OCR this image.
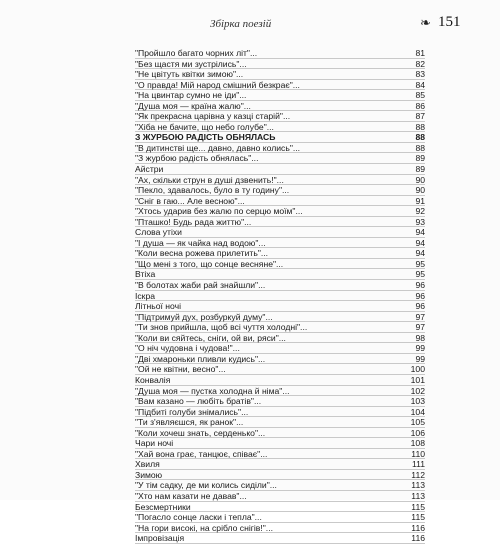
Збірка поезій	❧ 151
"Пройшло багато чорних літ"...	81
"Без щастя ми зустрілись"...	82
"Не цвітуть квітки зимою"...	83
"О правда! Мій народ смішний безкрає"...	84
"На цвинтар сумно не іди"...	85
"Душа моя — країна жалю"...	86
"Як прекрасна царівна у казці старій"...	87
"Хіба не бачите, що небо голубе"...	88
З ЖУРБОЮ РАДІСТЬ ОБНЯЛАСЬ	88
"В дитинстві ще... давно, давно колись"...	88
"З журбою радість обнялась"...	89
Айстри	89
"Ах, скільки струн в душі дзвенить!"...	90
"Пекло, здавалось, було в ту годину"...	90
"Сніг в гаю... Але весною"...	91
"Хтось ударив без жалю по серцю моїм"...	92
"Пташко! Будь рада життю"...	93
Слова утіхи	94
"І душа — як чайка над водою"...	94
"Коли весна рожева прилетить"...	94
"Що мені з того, що сонце весняне"...	95
Втіха	95
"В болотах жаби рай знайшли"...	96
Іскра	96
Літньої ночі	96
"Підтримуй дух, розбуркуй думу"...	97
"Ти знов прийшла, щоб всі чуття холодні"...	97
"Коли ви сяйтесь, сніги, ой ви, ряси"...	98
"О ніч чудовна і чудова!"...	99
"Дві хмароньки пливли кудись"...	99
"Ой не квітни, весно"...	100
Конвалія	101
"Душа моя — пустка холодна й німа"...	102
"Вам казано — любіть братів"...	103
"Підбиті голуби знімались"...	104
"Ти з'являєшся, як ранок"...	105
"Коли хочеш знать, серденько"...	106
Чари ночі	108
"Хай вона грає, танцює, співає"...	110
Хвиля	111
Зимою	112
"У тім садку, де ми колись сиділи"...	113
"Хто нам казати не давав"...	113
Безсмертники	115
"Погасло сонце ласки і тепла"...	115
"На гори високі, на срібло снігів!"...	116
Імпровізація	116
